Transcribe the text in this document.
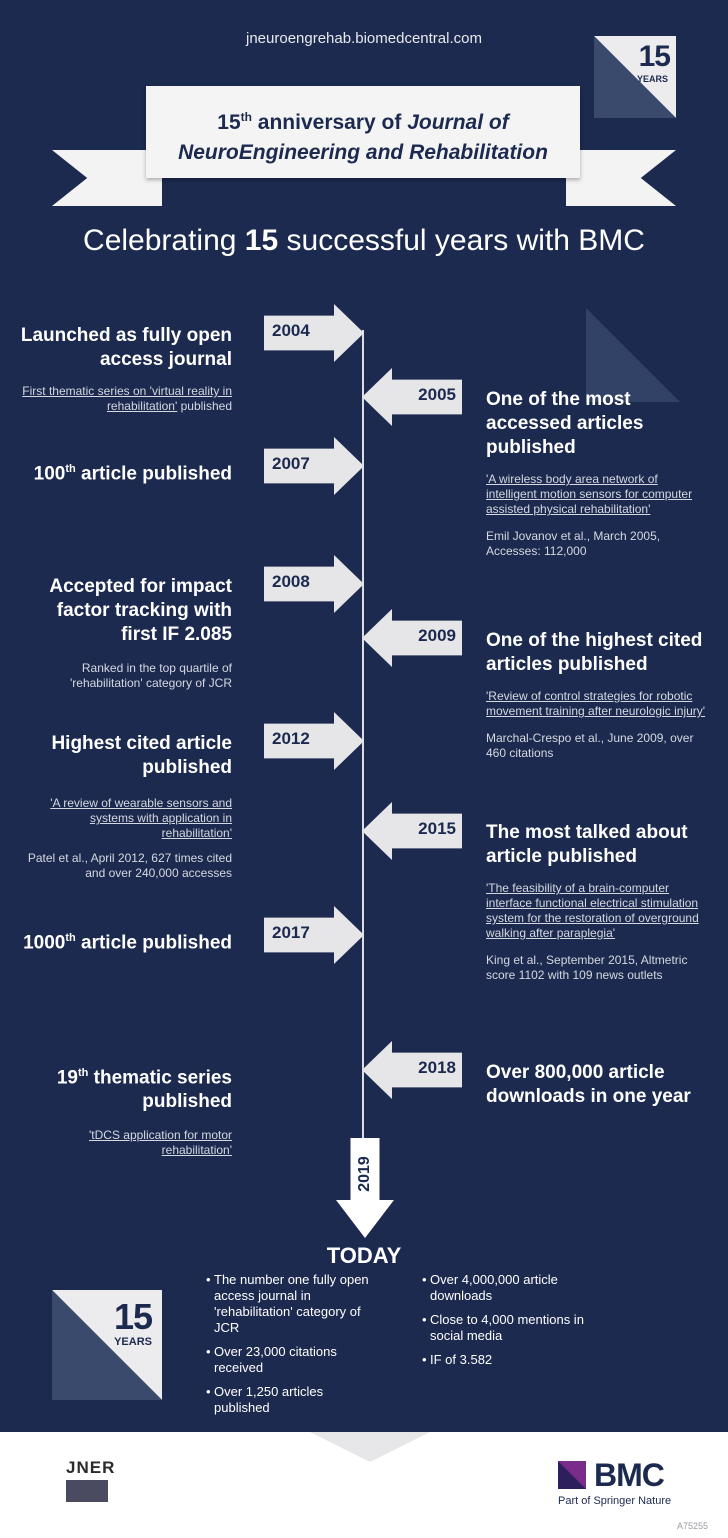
jneuroengrehab.biomedcentral.com
15
YEARS
15th anniversary of Journal of
NeuroEngineering and Rehabilitation
Celebrating 15 successful years with BMC
2004
Launched as fully open access journal
First thematic series on 'virtual reality in rehabilitation' published
2005 One of the most accessed articles published
'A wireless body area network of intelligent motion sensors for computer assisted physical rehabilitation'
Emil Jovanov et al., March 2005, Accesses: 112,000
2007
100th article published
2008
Accepted for impact factor tracking with first IF 2.085
Ranked in the top quartile of 'rehabilitation' category of JCR
2009 One of the highest cited articles published
'Review of control strategies for robotic movement training after neurologic injury'
Marchal-Crespo et al., June 2009, over 460 citations
2012
Highest cited article published
'A review of wearable sensors and systems with application in rehabilitation'
Patel et al., April 2012, 627 times cited and over 240,000 accesses
2015 The most talked about article published
'The feasibility of a brain-computer interface functional electrical stimulation system for the restoration of overground walking after paraplegia'
King et al., September 2015, Altmetric score 1102 with 109 news outlets
2017
1000th article published
2018 Over 800,000 article downloads in one year
19th thematic series published
'tDCS application for motor rehabilitation'
2019
TODAY
15
YEARS
• The number one fully open access journal in 'rehabilitation' category of JCR
• Over 23,000 citations received
• Over 1,250 articles published
• Over 4,000,000 article downloads
• Close to 4,000 mentions in social media
• IF of 3.582
JNER	BMC
Part of Springer Nature
A75255
